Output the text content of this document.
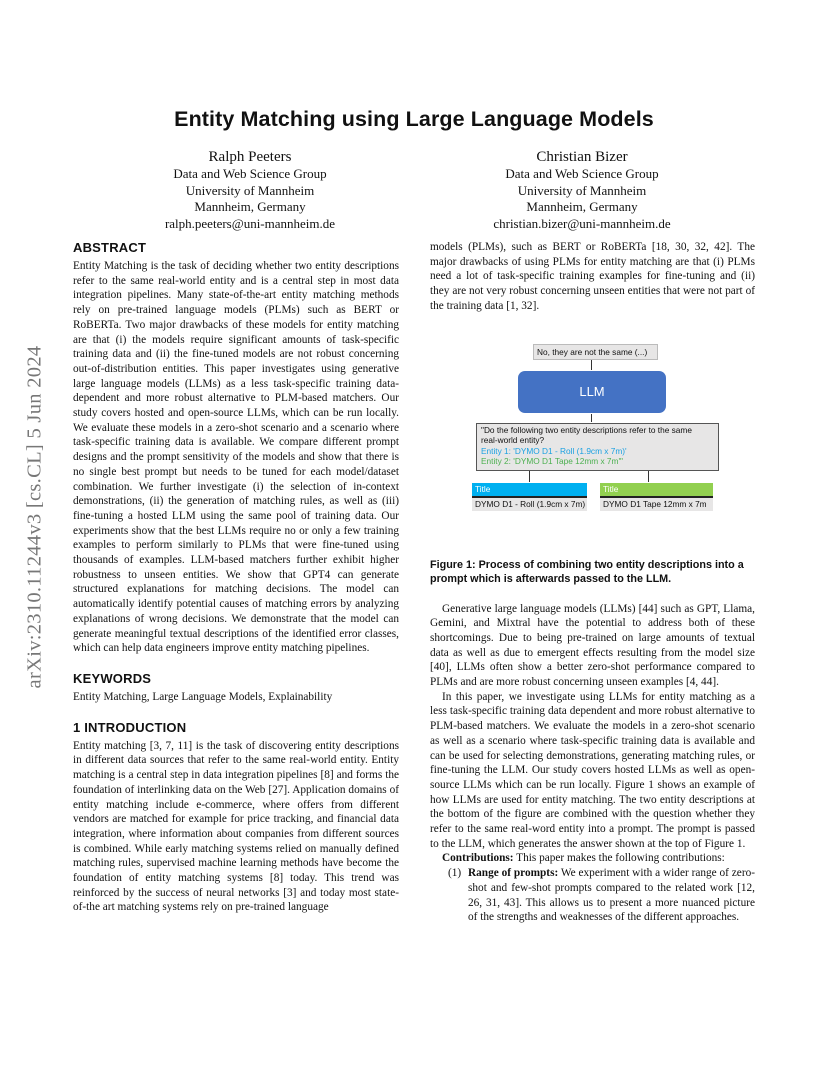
arXiv:2310.11244v3 [cs.CL] 5 Jun 2024
Entity Matching using Large Language Models
Ralph Peeters
Data and Web Science Group
University of Mannheim
Mannheim, Germany
ralph.peeters@uni-mannheim.de
Christian Bizer
Data and Web Science Group
University of Mannheim
Mannheim, Germany
christian.bizer@uni-mannheim.de
ABSTRACT

Entity Matching is the task of deciding whether two entity descriptions refer to the same real-world entity and is a central step in most data integration pipelines. Many state-of-the-art entity matching methods rely on pre-trained language models (PLMs) such as BERT or RoBERTa. Two major drawbacks of these models for entity matching are that (i) the models require significant amounts of task-specific training data and (ii) the fine-tuned models are not robust concerning out-of-distribution entities. This paper investigates using generative large language models (LLMs) as a less task-specific training data-dependent and more robust alternative to PLM-based matchers. Our study covers hosted and open-source LLMs, which can be run locally. We evaluate these models in a zero-shot scenario and a scenario where task-specific training data is available. We compare different prompt designs and the prompt sensitivity of the models and show that there is no single best prompt but needs to be tuned for each model/dataset combination. We further investigate (i) the selection of in-context demonstrations, (ii) the generation of matching rules, as well as (iii) fine-tuning a hosted LLM using the same pool of training data. Our experiments show that the best LLMs require no or only a few training examples to perform similarly to PLMs that were fine-tuned using thousands of examples. LLM-based matchers further exhibit higher robustness to unseen entities. We show that GPT4 can generate structured explanations for matching decisions. The model can automatically identify potential causes of matching errors by analyzing explanations of wrong decisions. We demonstrate that the model can generate meaningful textual descriptions of the identified error classes, which can help data engineers improve entity matching pipelines.

KEYWORDS

Entity Matching, Large Language Models, Explainability

1 INTRODUCTION

Entity matching [3, 7, 11] is the task of discovering entity descriptions in different data sources that refer to the same real-world entity. Entity matching is a central step in data integration pipelines [8] and forms the foundation of interlinking data on the Web [27]. Application domains of entity matching include e-commerce, where offers from different vendors are matched for example for price tracking, and financial data integration, where information about companies from different sources is combined. While early matching systems relied on manually defined matching rules, supervised machine learning methods have become the foundation of entity matching systems [8] today. This trend was reinforced by the success of neural networks [3] and today most state-of-the art matching systems rely on pre-trained language

models (PLMs), such as BERT or RoBERTa [18, 30, 32, 42]. The major drawbacks of using PLMs for entity matching are that (i) PLMs need a lot of task-specific training examples for fine-tuning and (ii) they are not very robust concerning unseen entities that were not part of the training data [1, 32].

No, they are not the same (...)
LLM
"Do the following two entity descriptions refer to the same
real-world entity?
Entity 1: 'DYMO D1 - Roll (1.9cm x 7m)'
Entity 2: 'DYMO D1 Tape 12mm x 7m'"
Title
DYMO D1 - Roll (1.9cm x 7m)
Title
DYMO D1 Tape 12mm x 7m

Figure 1: Process of combining two entity descriptions into a prompt which is afterwards passed to the LLM.

Generative large language models (LLMs) [44] such as GPT, Llama, Gemini, and Mixtral have the potential to address both of these shortcomings. Due to being pre-trained on large amounts of textual data as well as due to emergent effects resulting from the model size [40], LLMs often show a better zero-shot performance compared to PLMs and are more robust concerning unseen examples [4, 44].

In this paper, we investigate using LLMs for entity matching as a less task-specific training data dependent and more robust alternative to PLM-based matchers. We evaluate the models in a zero-shot scenario as well as a scenario where task-specific training data is available and can be used for selecting demonstrations, generating matching rules, or fine-tuning the LLM. Our study covers hosted LLMs as well as open-source LLMs which can be run locally. Figure 1 shows an example of how LLMs are used for entity matching. The two entity descriptions at the bottom of the figure are combined with the question whether they refer to the same real-word entity into a prompt. The prompt is passed to the LLM, which generates the answer shown at the top of Figure 1.

Contributions: This paper makes the following contributions:

(1) Range of prompts: We experiment with a wider range of zero-shot and few-shot prompts compared to the related work [12, 26, 31, 43]. This allows us to present a more nuanced picture of the strengths and weaknesses of the different approaches.
